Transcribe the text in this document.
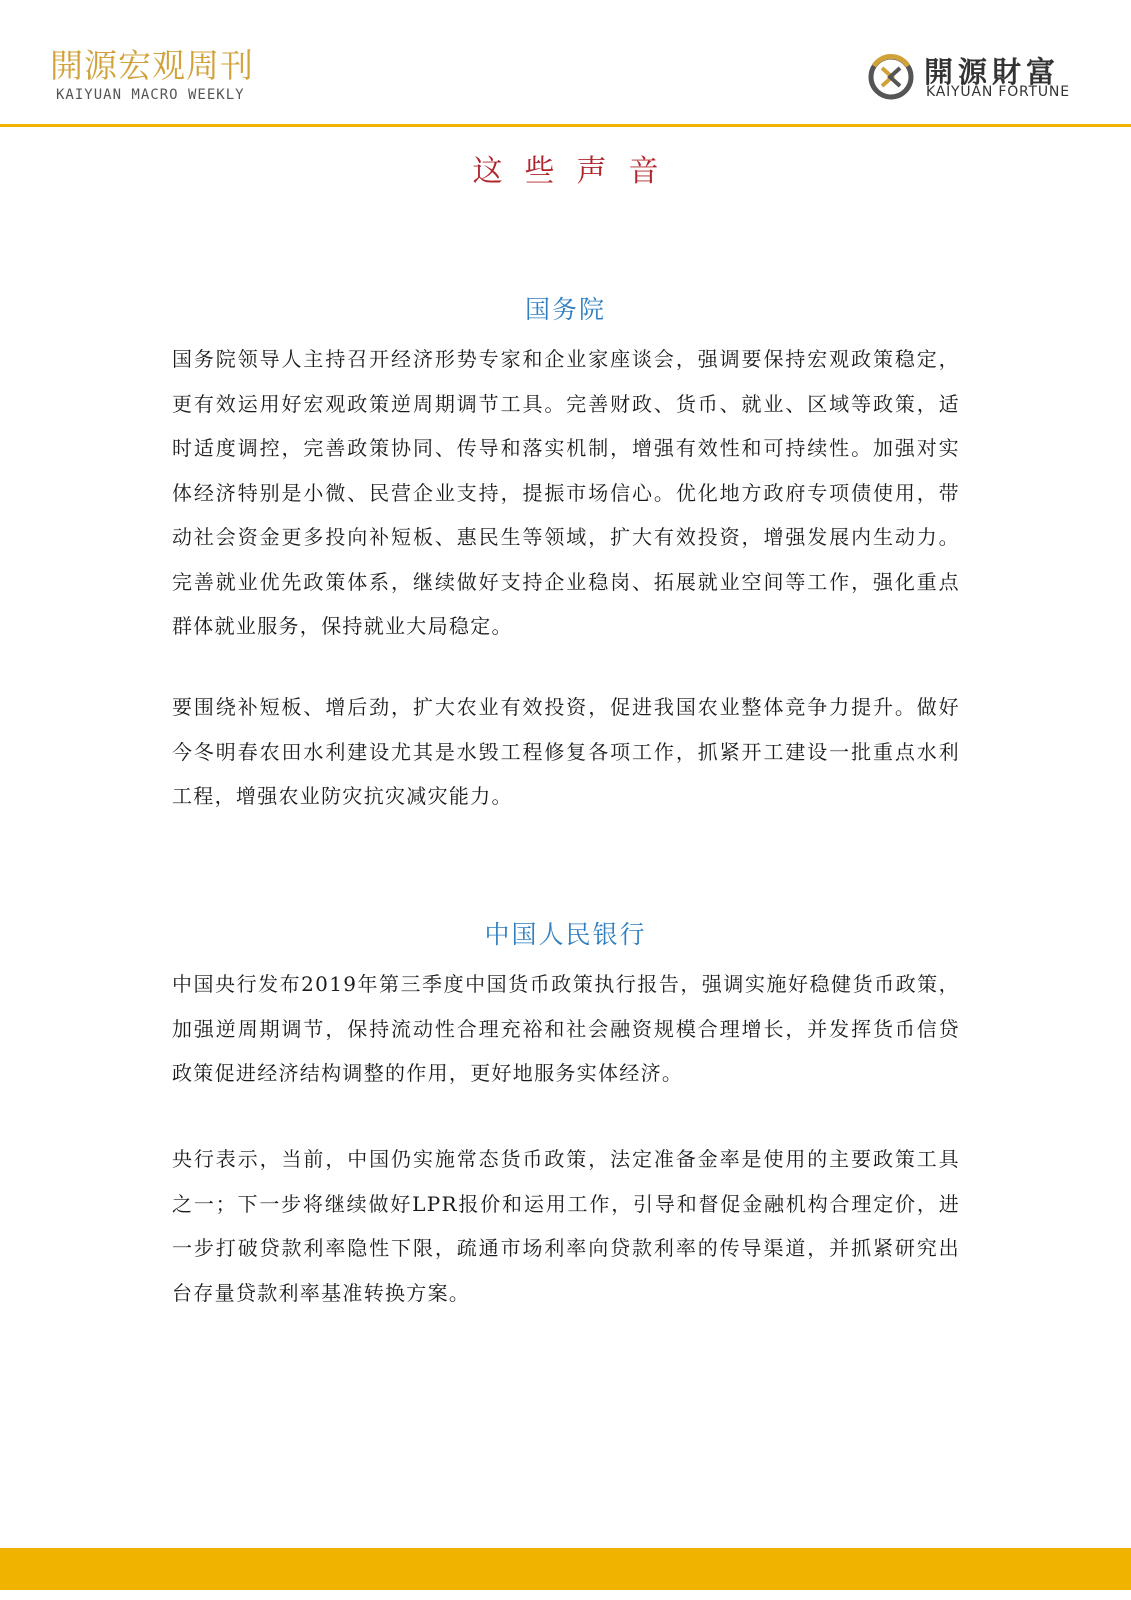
開源宏观周刊
KAIYUAN MACRO WEEKLY
開源財富
KAIYUAN FORTUNE
这些声音
国务院

国务院领导人主持召开经济形势专家和企业家座谈会，强调要保持宏观政策稳定，更有效运用好宏观政策逆周期调节工具。完善财政、货币、就业、区域等政策，适时适度调控，完善政策协同、传导和落实机制，增强有效性和可持续性。加强对实体经济特别是小微、民营企业支持，提振市场信心。优化地方政府专项债使用，带动社会资金更多投向补短板、惠民生等领域，扩大有效投资，增强发展内生动力。完善就业优先政策体系，继续做好支持企业稳岗、拓展就业空间等工作，强化重点群体就业服务，保持就业大局稳定。

要围绕补短板、增后劲，扩大农业有效投资，促进我国农业整体竞争力提升。做好今冬明春农田水利建设尤其是水毁工程修复各项工作，抓紧开工建设一批重点水利工程，增强农业防灾抗灾减灾能力。

中国人民银行

中国央行发布2019年第三季度中国货币政策执行报告，强调实施好稳健货币政策，加强逆周期调节，保持流动性合理充裕和社会融资规模合理增长，并发挥货币信贷政策促进经济结构调整的作用，更好地服务实体经济。

央行表示，当前，中国仍实施常态货币政策，法定准备金率是使用的主要政策工具之一；下一步将继续做好LPR报价和运用工作，引导和督促金融机构合理定价，进一步打破贷款利率隐性下限，疏通市场利率向贷款利率的传导渠道，并抓紧研究出台存量贷款利率基准转换方案。
